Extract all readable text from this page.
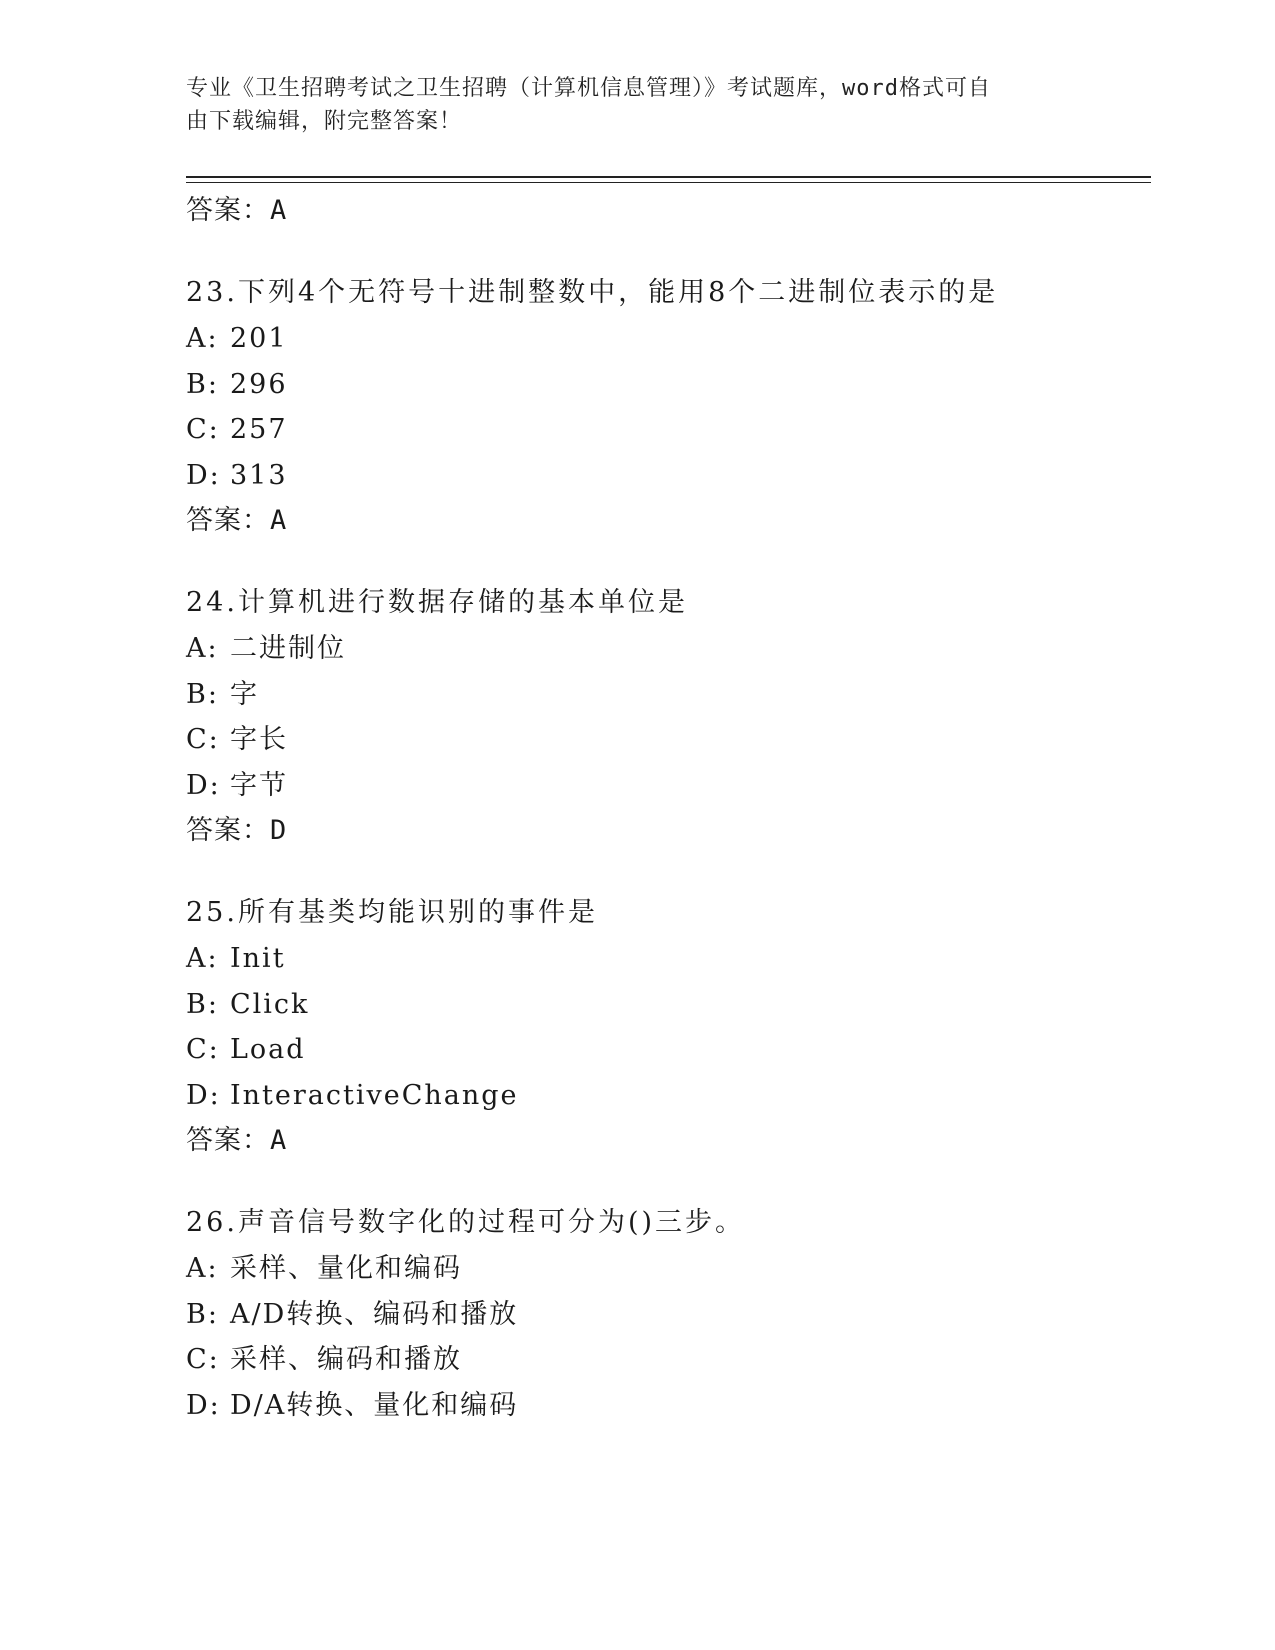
专业《卫生招聘考试之卫生招聘（计算机信息管理）》考试题库，word格式可自
由下载编辑，附完整答案！
答案：A
23.下列4个无符号十进制整数中，能用8个二进制位表示的是
A: 201
B: 296
C: 257
D: 313
答案：A
24.计算机进行数据存储的基本单位是
A: 二进制位
B: 字
C: 字长
D: 字节
答案：D
25.所有基类均能识别的事件是
A: Init
B: Click
C: Load
D: InteractiveChange
答案：A
26.声音信号数字化的过程可分为()三步。
A: 采样、量化和编码
B: A/D转换、编码和播放
C: 采样、编码和播放
D: D/A转换、量化和编码
